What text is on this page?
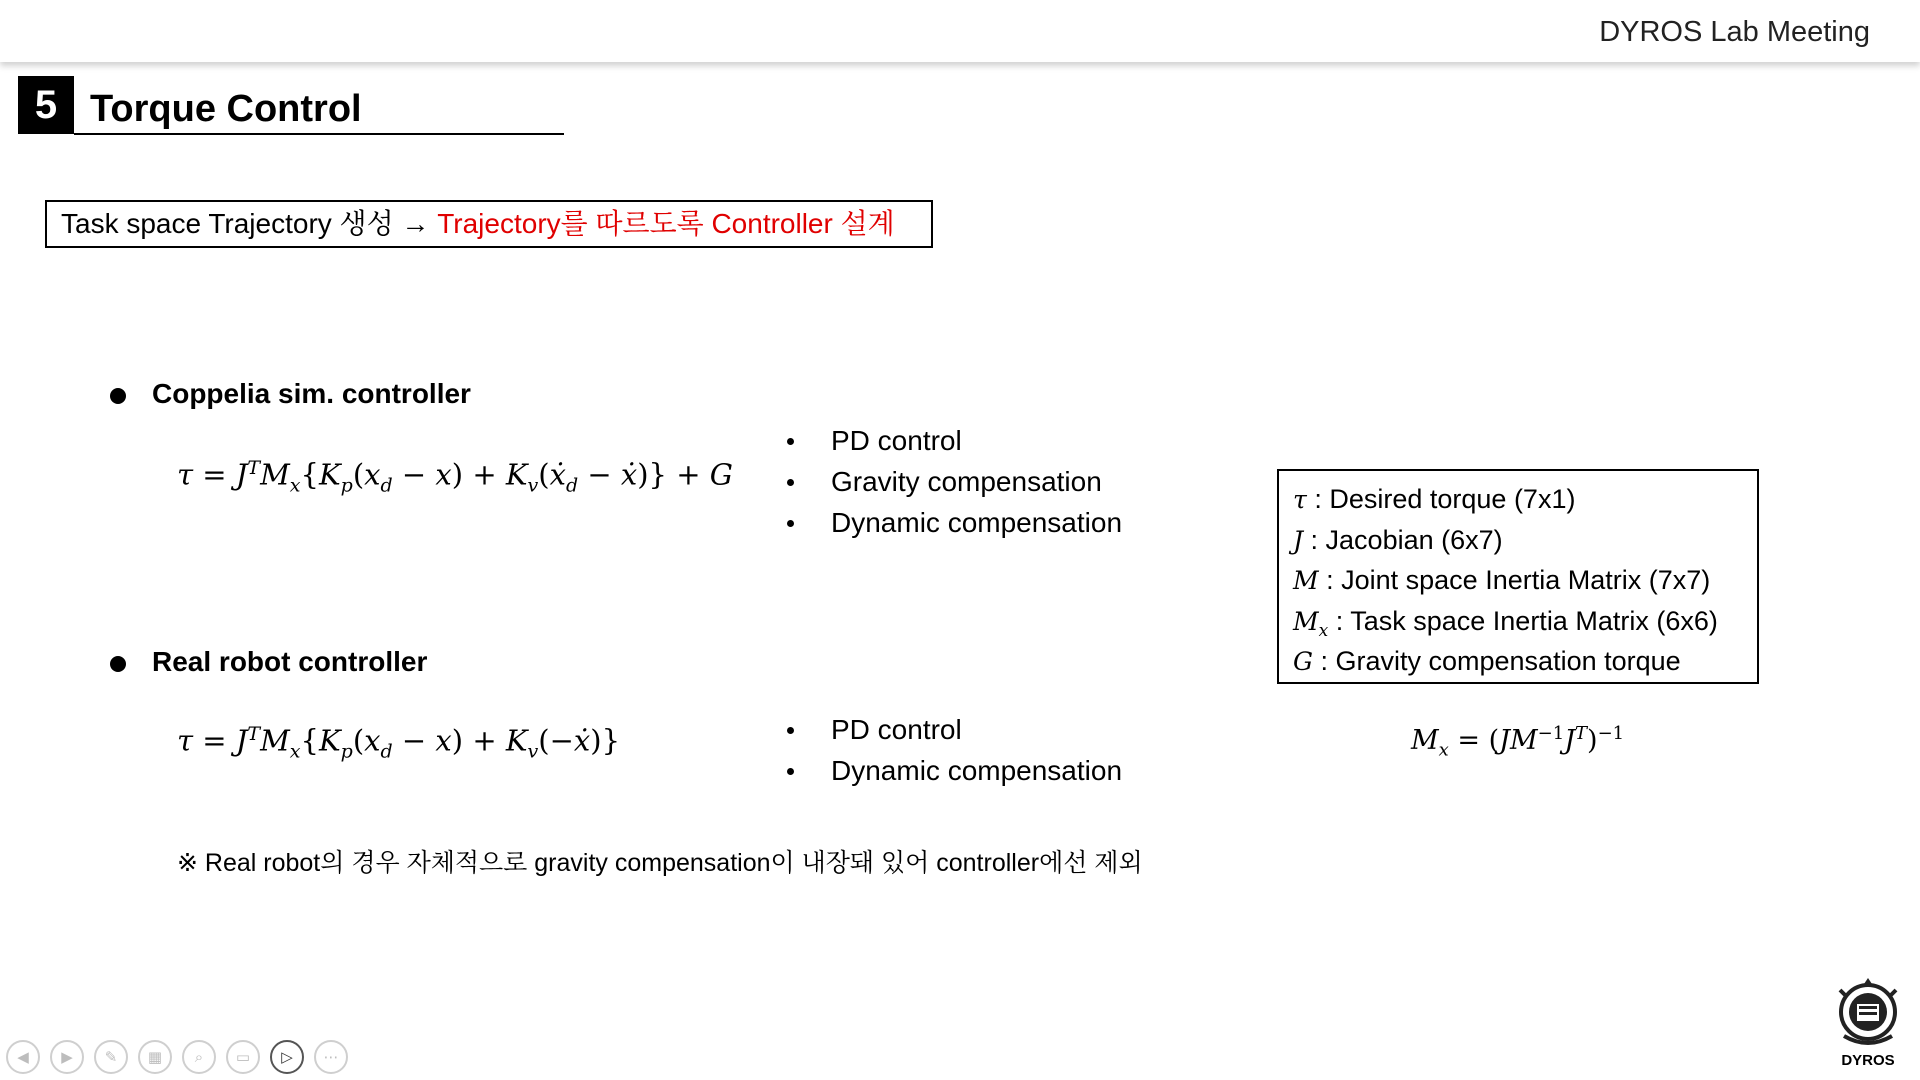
DYROS Lab Meeting
5 Torque Control
Task space Trajectory 생성 → Trajectory를 따르도록 Controller 설계
Coppelia sim. controller
$\tau = J^TM_x\{K_p(x_d - x)$ + $K_v(ẋ_d$ − ẋ)} + G
PD control
Gravity compensation
Dynamic compensation
τ : Desired torque (7x1)
J : Jacobian (6x7)
M : Joint space Inertia Matrix (7x7)
$M_x$ : Task space Inertia Matrix (6x6)
G : Gravity compensation torque
Real robot controller
$\tau = J^TM_x\{K_p(x_d - x)$ + $K_v(-ẋ)$}	PD control
Dynamic compensation
$M_x = (JM^{-1}J^T)^{-1}$
※ Real robot의 경우 자체적으로 gravity compensation이 내장돼 있어 controller에선 제외
DYROS
◀	▶	✎	▦	⌕	▭	▷	⋯
